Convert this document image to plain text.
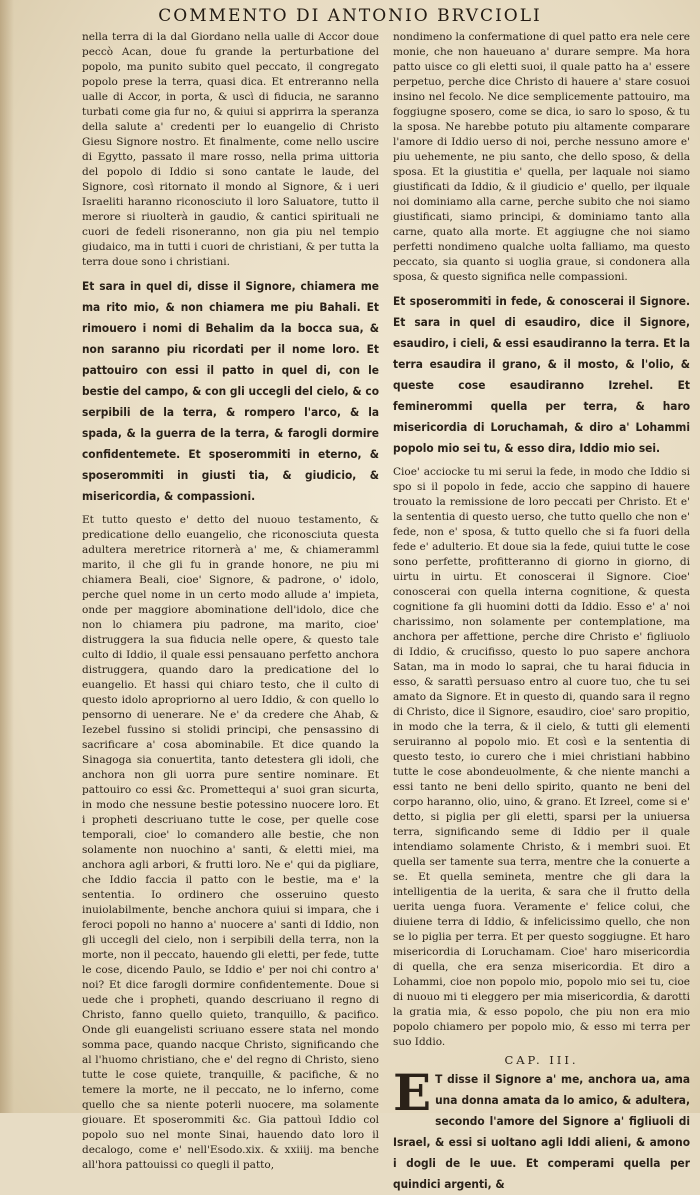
COMMENTO DI ANTONIO BRVCIOLI

nella terra di la dal Giordano nella ualle di Accor doue peccò Acan, doue fu grande la perturbatione del popolo, ma punito subito quel peccato, il congregato popolo prese la terra, quasi dica. Et entreranno nella ualle di Accor, in porta, & uscì di fiducia, ne saranno turbati come gia fur no, & quiui si apprirra la speranza della salute a' credenti per lo euangelio di Christo Giesu Signore nostro. Et finalmente, come nello uscire di Egytto, passato il mare rosso, nella prima uittoria del popolo di Iddio si sono cantate le laude, del Signore, così ritornato il mondo al Signore, & i ueri Israeliti haranno riconosciuto il loro Saluatore, tutto il merore si riuolterà in gaudio, & cantici spirituali ne cuori de fedeli risoneranno, non gia piu nel tempio giudaico, ma in tutti i cuori de christiani, & per tutta la terra doue sono i christiani.

Et sara in quel di, disse il Signore, chiamera me ma rito mio, & non chiamera me piu Bahali. Et rimouero i nomi di Behalim da la bocca sua, & non saranno piu ricordati per il nome loro. Et pattouiro con essi il patto in quel di, con le bestie del campo, & con gli uccegli del cielo, & co serpibili de la terra, & rompero l'arco, & la spada, & la guerra de la terra, & farogli dormire confidentemete. Et sposerommiti in eterno, & sposerommiti in giusti tia, & giudicio, & misericordia, & compassioni.

Et tutto questo e' detto del nuouo testamento, & predicatione dello euangelio, che riconosciuta questa adultera meretrice ritornerà a' me, & chiameramml marito, il che gli fu in grande honore, ne piu mi chiamera Beali, cioe' Signore, & padrone, o' idolo, perche quel nome in un certo modo allude a' impieta, onde per maggiore abominatione dell'idolo, dice che non lo chiamera piu padrone, ma marito, cioe' distruggera la sua fiducia nelle opere, & questo tale culto di Iddio, il quale essi pensauano perfetto anchora distruggera, quando daro la predicatione del lo euangelio. Et hassi qui chiaro testo, che il culto di questo idolo apropriorno al uero Iddio, & con quello lo pensorno di uenerare. Ne e' da credere che Ahab, & Iezebel fussino si stolidi principi, che pensassino di sacrificare a' cosa abominabile. Et dice quando la Sinagoga sia conuertita, tanto detestera gli idoli, che anchora non gli uorra pure sentire nominare. Et pattouiro co essi &c. Promettequi a' suoi gran sicurta, in modo che nessune bestie potessino nuocere loro. Et i propheti descriuano tutte le cose, per quelle cose temporali, cioe' lo comandero alle bestie, che non solamente non nuochino a' santi, & eletti miei, ma anchora agli arbori, & frutti loro. Ne e' qui da pigliare, che Iddio faccia il patto con le bestie, ma e' la sententia. Io ordinero che osseruino questo inuiolabilmente, benche anchora quiui si impara, che i feroci popoli no hanno a' nuocere a' santi di Iddio, non gli uccegli del cielo, non i serpibili della terra, non la morte, non il peccato, hauendo gli eletti, per fede, tutte le cose, dicendo Paulo, se Iddio e' per noi chi contro a' noi? Et dice farogli dormire confidentemente. Doue si uede che i propheti, quando descriuano il regno di Christo, fanno quello quieto, tranquillo, & pacifico. Onde gli euangelisti scriuano essere stata nel mondo somma pace, quando nacque Christo, significando che al l'huomo christiano, che e' del regno di Christo, sieno tutte le cose quiete, tranquille, & pacifiche, & no temere la morte, ne il peccato, ne lo inferno, come quello che sa niente poterli nuocere, ma solamente giouare. Et sposerommiti &c. Gia pattouì Iddio col popolo suo nel monte Sinai, hauendo dato loro il decalogo, come e' nell'Esodo.xix. & xxiiij. ma benche all'hora pattouissi co quegli il patto,

nondimeno la confermatione di quel patto era nele cere monie, che non haueuano a' durare sempre. Ma hora patto uisce co gli eletti suoi, il quale patto ha a' essere perpetuo, perche dice Christo di hauere a' stare cosuoi insino nel fecolo. Ne dice semplicemente pattouiro, ma foggiugne sposero, come se dica, io saro lo sposo, & tu la sposa. Ne harebbe potuto piu altamente comparare l'amore di Iddio uerso di noi, perche nessuno amore e' piu uehemente, ne piu santo, che dello sposo, & della sposa. Et la giustitia e' quella, per laquale noi siamo giustificati da Iddio, & il giudicio e' quello, per ilquale noi dominiamo alla carne, perche subito che noi siamo giustificati, siamo principi, & dominiamo tanto alla carne, quato alla morte. Et aggiugne che noi siamo perfetti nondimeno qualche uolta falliamo, ma questo peccato, sia quanto si uoglia graue, si condonera alla sposa, & questo significa nelle compassioni.

Et sposerommiti in fede, & conoscerai il Signore. Et sara in quel di esaudiro, dice il Signore, esaudiro, i cieli, & essi esaudiranno la terra. Et la terra esaudira il grano, & il mosto, & l'olio, & queste cose esaudiranno Izrehel. Et feminerommi quella per terra, & haro misericordia di Loruchamah, & diro a' Lohammi popolo mio sei tu, & esso dira, Iddio mio sei.

Cioe' acciocke tu mi serui la fede, in modo che Iddio si spo si il popolo in fede, accio che sappino di hauere trouato la remissione de loro peccati per Christo. Et e' la sententia di questo uerso, che tutto quello che non e' fede, non e' sposa, & tutto quello che si fa fuori della fede e' adulterio. Et doue sia la fede, quiui tutte le cose sono perfette, profitteranno di giorno in giorno, di uirtu in uirtu. Et conoscerai il Signore. Cioe' conoscerai con quella interna cognitione, & questa cognitione fa gli huomini dotti da Iddio. Esso e' a' noi charissimo, non solamente per contemplatione, ma anchora per affettione, perche dire Christo e' figliuolo di Iddio, & crucifisso, questo lo puo sapere anchora Satan, ma in modo lo saprai, che tu harai fiducia in esso, & sarattì persuaso entro al cuore tuo, che tu sei amato da Signore. Et in questo di, quando sara il regno di Christo, dice il Signore, esaudiro, cioe' saro propitio, in modo che la terra, & il cielo, & tutti gli elementi seruiranno al popolo mio. Et così e la sententia di questo testo, io curero che i miei christiani habbino tutte le cose abondeuolmente, & che niente manchi a essi tanto ne beni dello spirito, quanto ne beni del corpo haranno, olio, uino, & grano. Et Izreel, come si e' detto, si piglia per gli eletti, sparsi per la uniuersa terra, significando seme di Iddio per il quale intendiamo solamente Christo, & i membri suoi. Et quella ser tamente sua terra, mentre che la conuerte a se. Et quella semineta, mentre che gli dara la intelligentia de la uerita, & sara che il frutto della uerita uenga fuora. Veramente e' felice colui, che diuiene terra di Iddio, & infelicissimo quello, che non se lo piglia per terra. Et per questo soggiugne. Et haro misericordia di Loruchamam. Cioe' haro misericordia di quella, che era senza misericordia. Et diro a Lohammi, cioe non popolo mio, popolo mio sei tu, cioe di nuouo mi ti eleggero per mia misericordia, & darotti la gratia mia, & esso popolo, che piu non era mio popolo chiamero per popolo mio, & esso mi terra per suo Iddio.

CAP. III.
E T disse il Signore a' me, anchora ua, ama una donna amata da lo amico, & adultera, secondo l'amore del Signore a' figliuoli di Israel, & essi si uoltano agli Iddi alieni, & amono i dogli de le uue. Et comperami quella per quindici argenti, &
